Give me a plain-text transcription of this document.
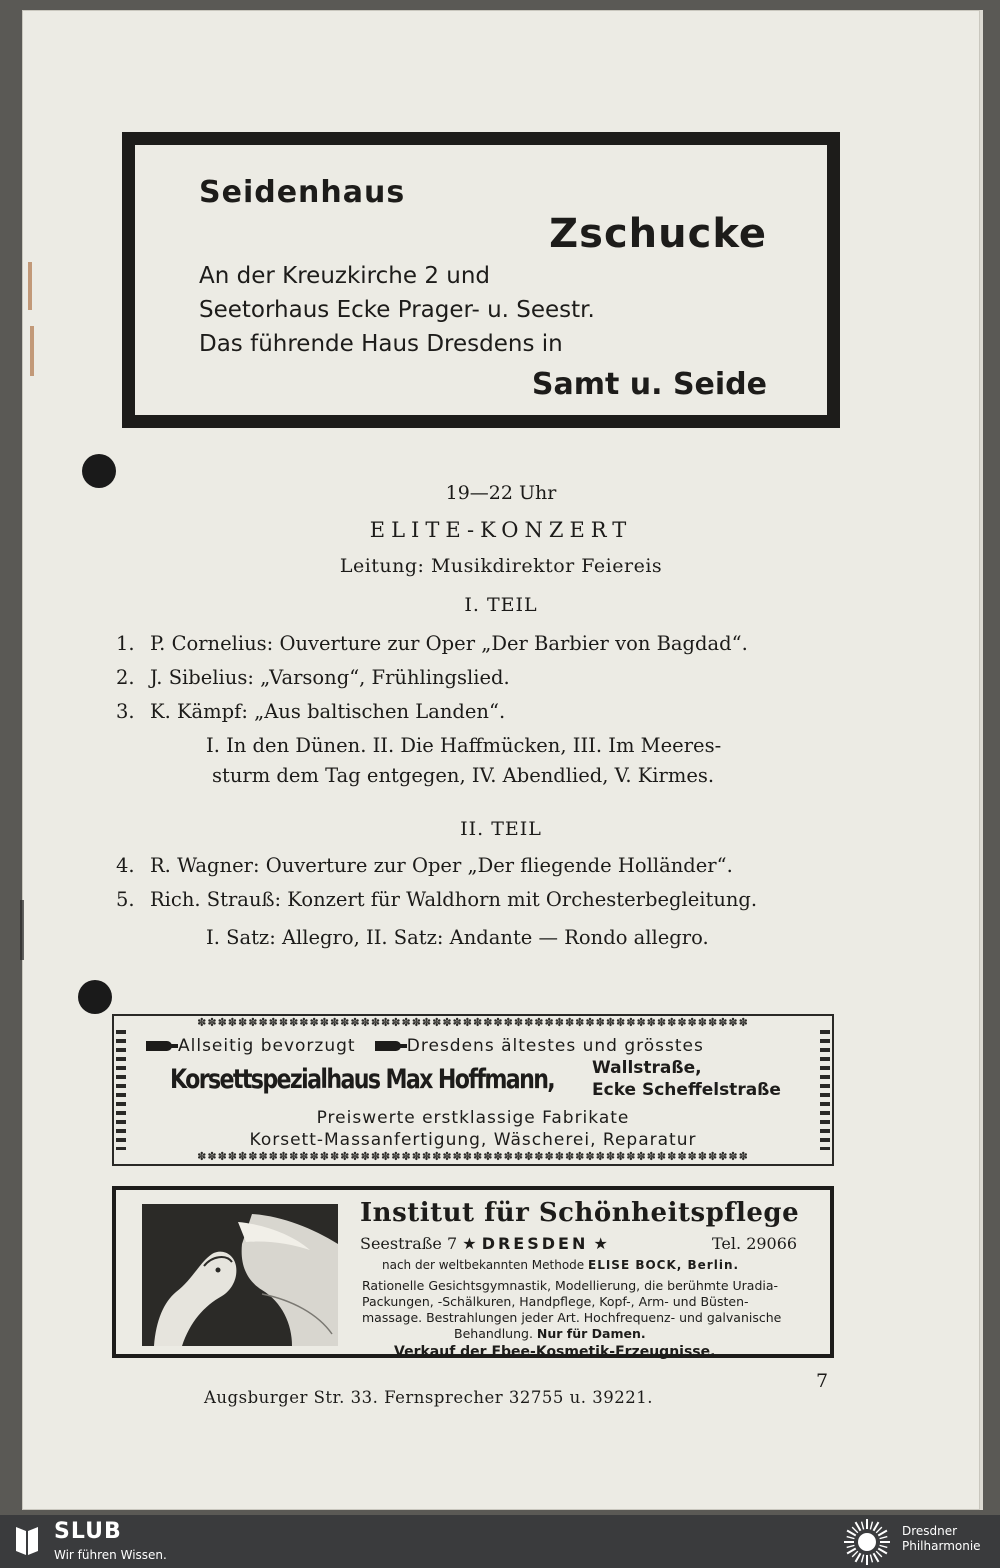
Seidenhaus
Zschucke
An der Kreuzkirche 2 und
Seetorhaus Ecke Prager- u. Seestr.
Das führende Haus Dresdens in
Samt u. Seide
19—22 Uhr
ELITE-KONZERT
Leitung: Musikdirektor Feiereis
I. TEIL
1. P. Cornelius: Ouverture zur Oper „Der Barbier von Bagdad“.
2. J. Sibelius: „Varsong“, Frühlingslied.
3. K. Kämpf: „Aus baltischen Landen“.
I. In den Dünen. II. Die Haffmücken, III. Im Meeres-
sturm dem Tag entgegen, IV. Abendlied, V. Kirmes.
II. TEIL
4. R. Wagner: Ouverture zur Oper „Der fliegende Holländer“.
5. Rich. Strauß: Konzert für Waldhorn mit Orchesterbegleitung.
I. Satz: Allegro, II. Satz: Andante — Rondo allegro.
✽✽✽✽✽✽✽✽✽✽✽✽✽✽✽✽✽✽✽✽✽✽✽✽✽✽✽✽✽✽✽✽✽✽✽✽✽✽✽✽✽✽✽✽✽✽✽✽✽✽✽✽✽✽
✽✽✽✽✽✽✽✽✽✽✽✽✽✽✽✽✽✽✽✽✽✽✽✽✽✽✽✽✽✽✽✽✽✽✽✽✽✽✽✽✽✽✽✽✽✽✽✽✽✽✽✽✽✽
Allseitig bevorzugt	Dresdens ältestes und grösstes
Korsettspezialhaus Max Hoffmann, Wallstraße,
Ecke Scheffelstraße
Preiswerte erstklassige Fabrikate
Korsett-Massanfertigung, Wäscherei, Reparatur
Institut für Schönheitspflege
Seestraße 7 ★ DRESDEN ★	Tel. 29066
nach der weltbekannten Methode ELISE BOCK, Berlin.
Rationelle Gesichtsgymnastik, Modellierung, die berühmte Uradia-
Packungen, -Schälkuren, Handpflege, Kopf-, Arm- und Büsten-
massage. Bestrahlungen jeder Art. Hochfrequenz- und galvanische
Behandlung. Nur für Damen.
Verkauf der Ebee-Kosmetik-Erzeugnisse.
Augsburger Str. 33. Fernsprecher 32755 u. 39221.
7
SLUB
Wir führen Wissen.
Dresdner
Philharmonie
